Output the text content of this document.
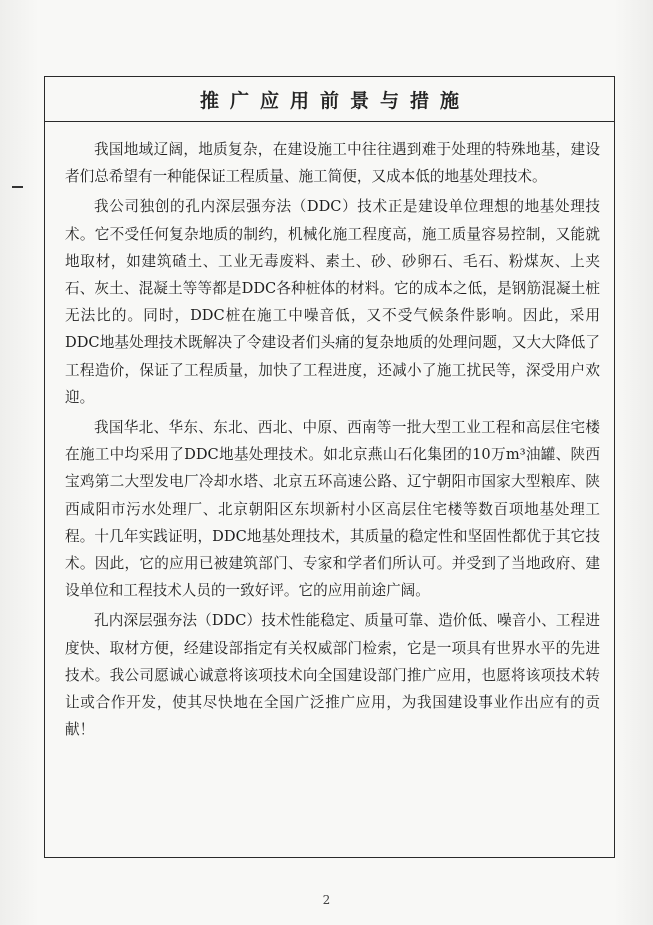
推广应用前景与措施

我国地域辽阔，地质复杂，在建设施工中往往遇到难于处理的特殊地基，建设者们总希望有一种能保证工程质量、施工简便，又成本低的地基处理技术。

我公司独创的孔内深层强夯法（DDC）技术正是建设单位理想的地基处理技术。它不受任何复杂地质的制约，机械化施工程度高，施工质量容易控制，又能就地取材，如建筑碴土、工业无毒废料、素土、砂、砂卵石、毛石、粉煤灰、上夹石、灰土、混凝土等等都是DDC各种桩体的材料。它的成本之低，是钢筋混凝土桩无法比的。同时，DDC桩在施工中噪音低，又不受气候条件影响。因此，采用DDC地基处理技术既解决了令建设者们头痛的复杂地质的处理问题，又大大降低了工程造价，保证了工程质量，加快了工程进度，还减小了施工扰民等，深受用户欢迎。

我国华北、华东、东北、西北、中原、西南等一批大型工业工程和高层住宅楼在施工中均采用了DDC地基处理技术。如北京燕山石化集团的10万m³油罐、陕西宝鸡第二大型发电厂冷却水塔、北京五环高速公路、辽宁朝阳市国家大型粮库、陕西咸阳市污水处理厂、北京朝阳区东坝新村小区高层住宅楼等数百项地基处理工程。十几年实践证明，DDC地基处理技术，其质量的稳定性和坚固性都优于其它技术。因此，它的应用已被建筑部门、专家和学者们所认可。并受到了当地政府、建设单位和工程技术人员的一致好评。它的应用前途广阔。

孔内深层强夯法（DDC）技术性能稳定、质量可靠、造价低、噪音小、工程进度快、取材方便，经建设部指定有关权威部门检索，它是一项具有世界水平的先进技术。我公司愿诚心诚意将该项技术向全国建设部门推广应用，也愿将该项技术转让或合作开发，使其尽快地在全国广泛推广应用，为我国建设事业作出应有的贡献！

2
